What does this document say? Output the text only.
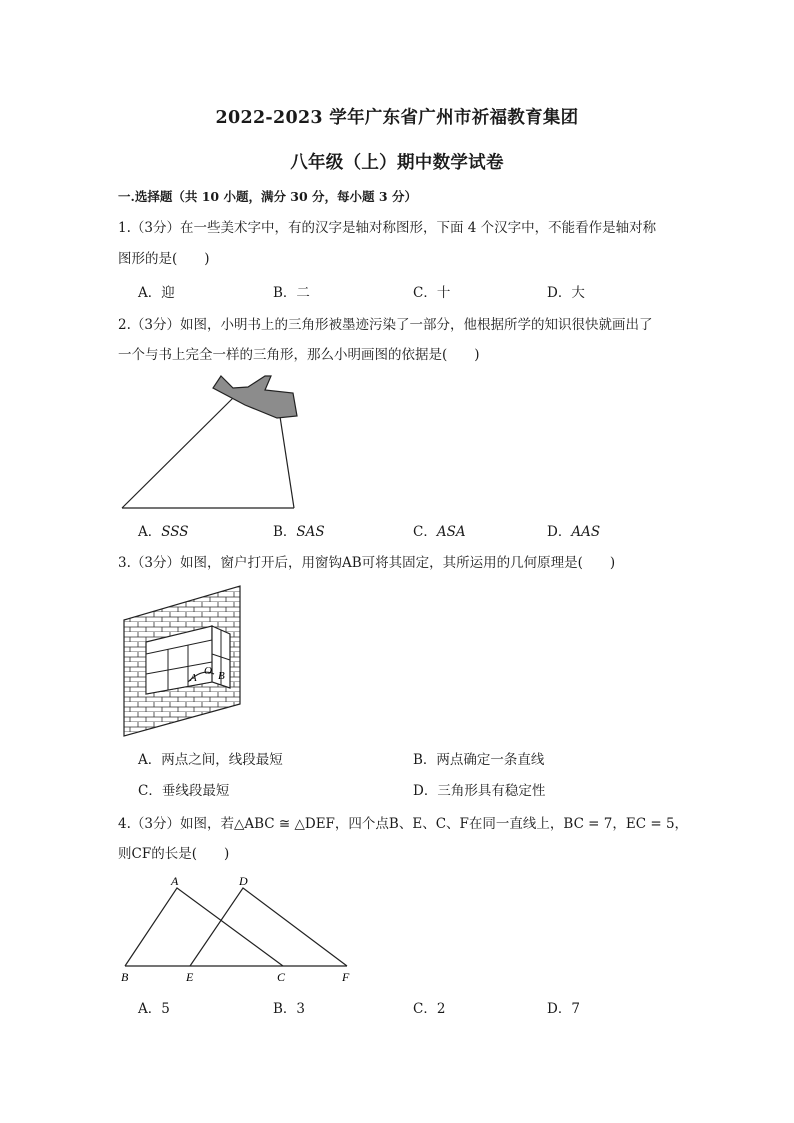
2022-2023 学年广东省广州市祈福教育集团
八年级（上）期中数学试卷
一.选择题（共 10 小题，满分 30 分，每小题 3 分）
1.（3分）在一些美术字中，有的汉字是轴对称图形，下面 4 个汉字中，不能看作是轴对称
图形的是(　　)
A．迎	B．二	C．十	D．大
2.（3分）如图，小明书上的三角形被墨迹污染了一部分，他根据所学的知识很快就画出了
一个与书上完全一样的三角形，那么小明画图的依据是(　　)
A．SSS	B．SAS	C．ASA	D．AAS
3.（3分）如图，窗户打开后，用窗钩AB可将其固定，其所运用的几何原理是(　　)
A
O B
A．两点之间，线段最短	B．两点确定一条直线
C．垂线段最短	D．三角形具有稳定性
4.（3分）如图，若△ABC ≅ △DEF，四个点B、E、C、F在同一直线上，BC = 7，EC = 5，
则CF的长是(　　)
A	D
B	E	C	F
A．5	B．3	C．2	D．7
